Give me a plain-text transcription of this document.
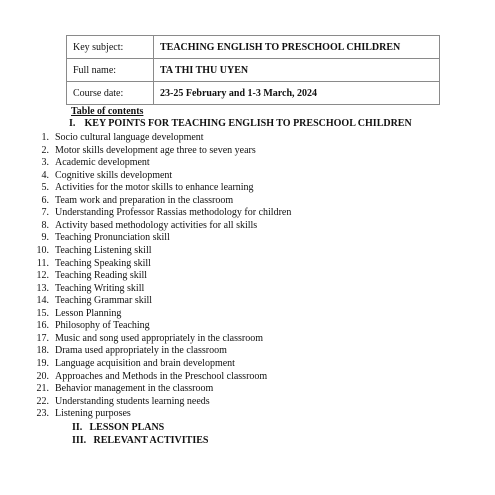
Key subject:	TEACHING ENGLISH TO PRESCHOOL CHILDREN
Full name:	TA THI THU UYEN
Course date:	23-25 February and 1-3 March, 2024
Table of contents
I. KEY POINTS FOR TEACHING ENGLISH TO PRESCHOOL CHILDREN
1. Socio cultural language development
2. Motor skills development age three to seven years
3. Academic development
4. Cognitive skills development
5. Activities for the motor skills to enhance learning
6. Team work and preparation in the classroom
7. Understanding Professor Rassias methodology for children
8. Activity based methodology activities for all skills
9. Teaching Pronunciation skill
10. Teaching Listening skill
11. Teaching Speaking skill
12. Teaching Reading skill
13. Teaching Writing skill
14. Teaching Grammar skill
15. Lesson Planning
16. Philosophy of Teaching
17. Music and song used appropriately in the classroom
18. Drama used appropriately in the classroom
19. Language acquisition and brain development
20. Approaches and Methods in the Preschool classroom
21. Behavior management in the classroom
22. Understanding students learning needs
23. Listening purposes
II. LESSON PLANS
III. RELEVANT ACTIVITIES
